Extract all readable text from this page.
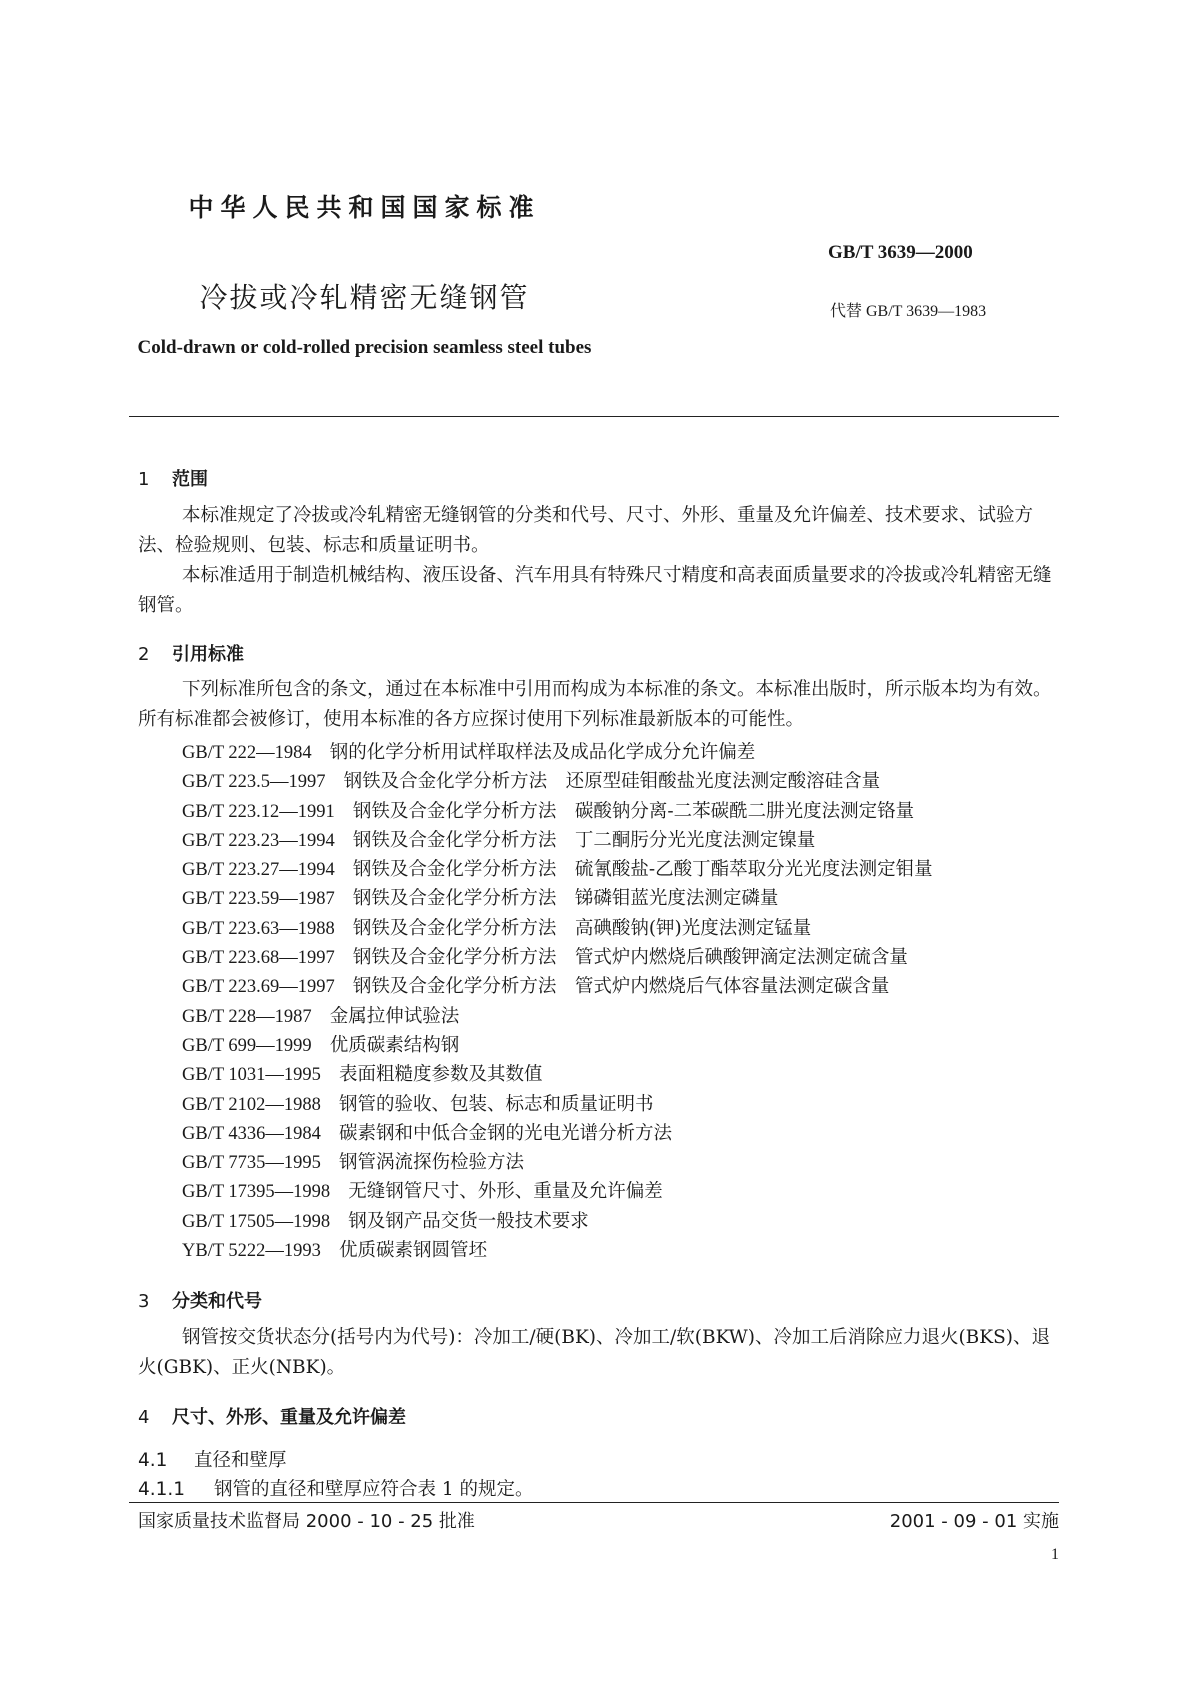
中华人民共和国国家标准
GB/T 3639—2000
冷拔或冷轧精密无缝钢管	代替 GB/T 3639—1983
Cold-drawn or cold-rolled precision seamless steel tubes
1 范围
本标准规定了冷拔或冷轧精密无缝钢管的分类和代号、尺寸、外形、重量及允许偏差、技术要求、试验方法、检验规则、包装、标志和质量证明书。
本标准适用于制造机械结构、液压设备、汽车用具有特殊尺寸精度和高表面质量要求的冷拔或冷轧精密无缝钢管。
2 引用标准
下列标准所包含的条文，通过在本标准中引用而构成为本标准的条文。本标准出版时，所示版本均为有效。所有标准都会被修订，使用本标准的各方应探讨使用下列标准最新版本的可能性。
GB/T 222—1984 钢的化学分析用试样取样法及成品化学成分允许偏差
GB/T 223.5—1997 钢铁及合金化学分析方法　还原型硅钼酸盐光度法测定酸溶硅含量
GB/T 223.12—1991 钢铁及合金化学分析方法　碳酸钠分离-二苯碳酰二肼光度法测定铬量
GB/T 223.23—1994 钢铁及合金化学分析方法　丁二酮肟分光光度法测定镍量
GB/T 223.27—1994 钢铁及合金化学分析方法　硫氰酸盐-乙酸丁酯萃取分光光度法测定钼量
GB/T 223.59—1987 钢铁及合金化学分析方法　锑磷钼蓝光度法测定磷量
GB/T 223.63—1988 钢铁及合金化学分析方法　高碘酸钠(钾)光度法测定锰量
GB/T 223.68—1997 钢铁及合金化学分析方法　管式炉内燃烧后碘酸钾滴定法测定硫含量
GB/T 223.69—1997 钢铁及合金化学分析方法　管式炉内燃烧后气体容量法测定碳含量
GB/T 228—1987 金属拉伸试验法
GB/T 699—1999 优质碳素结构钢
GB/T 1031—1995 表面粗糙度参数及其数值
GB/T 2102—1988 钢管的验收、包装、标志和质量证明书
GB/T 4336—1984 碳素钢和中低合金钢的光电光谱分析方法
GB/T 7735—1995 钢管涡流探伤检验方法
GB/T 17395—1998 无缝钢管尺寸、外形、重量及允许偏差
GB/T 17505—1998 钢及钢产品交货一般技术要求
YB/T 5222—1993 优质碳素钢圆管坯
3 分类和代号
钢管按交货状态分(括号内为代号)：冷加工/硬(BK)、冷加工/软(BKW)、冷加工后消除应力退火(BKS)、退火(GBK)、正火(NBK)。
4 尺寸、外形、重量及允许偏差
4.1 直径和壁厚
4.1.1 钢管的直径和壁厚应符合表 1 的规定。
国家质量技术监督局 2000 - 10 - 25 批准	2001 - 09 - 01 实施
1
